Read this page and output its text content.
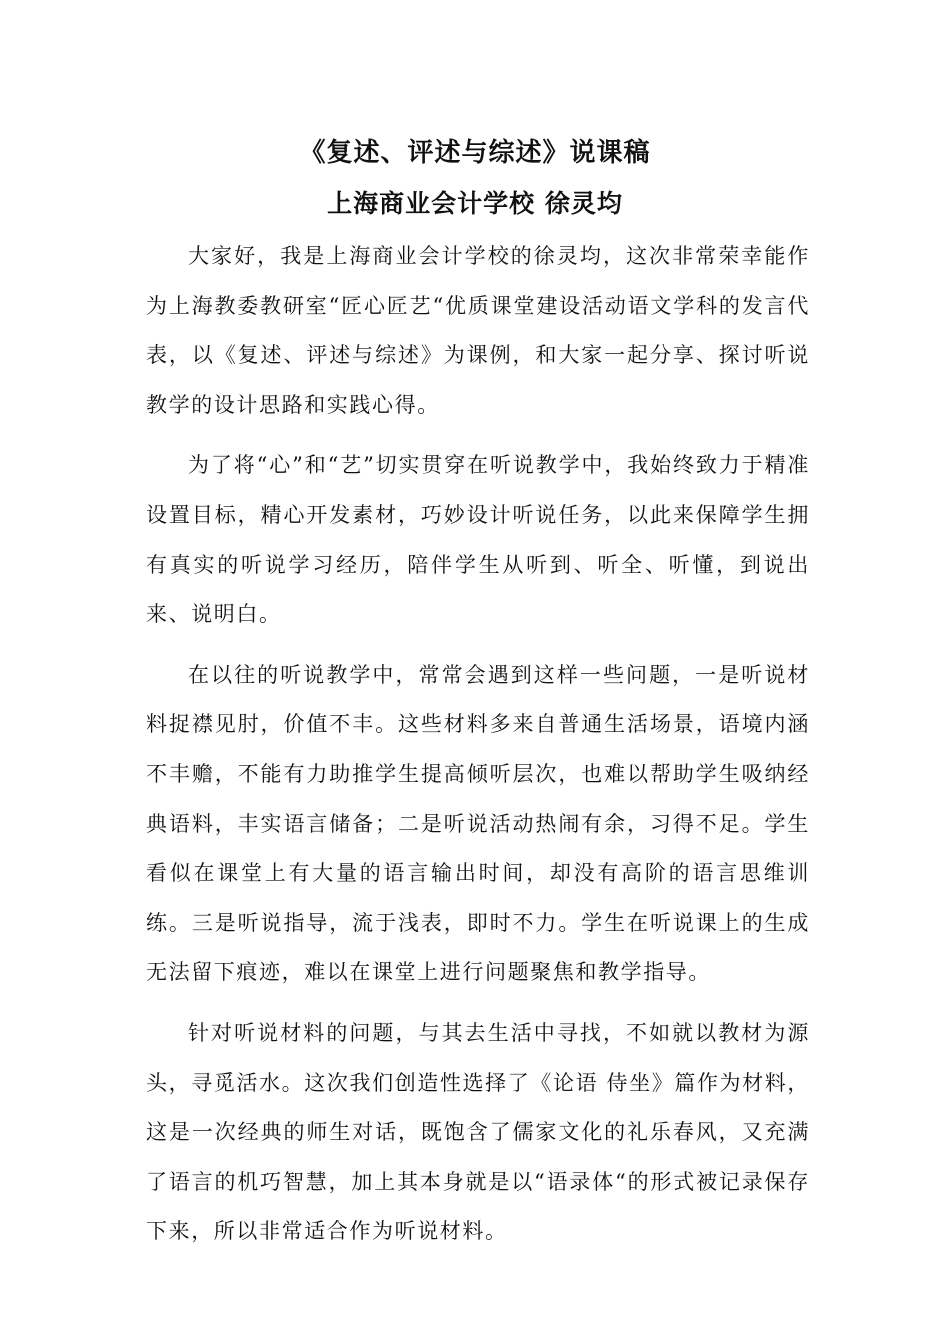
《复述、评述与综述》说课稿
上海商业会计学校 徐灵均

大家好，我是上海商业会计学校的徐灵均，这次非常荣幸能作为上海教委教研室“匠心匠艺“优质课堂建设活动语文学科的发言代表，以《复述、评述与综述》为课例，和大家一起分享、探讨听说教学的设计思路和实践心得。

为了将“心”和“艺”切实贯穿在听说教学中，我始终致力于精准设置目标，精心开发素材，巧妙设计听说任务，以此来保障学生拥有真实的听说学习经历，陪伴学生从听到、听全、听懂，到说出来、说明白。

在以往的听说教学中，常常会遇到这样一些问题，一是听说材料捉襟见肘，价值不丰。这些材料多来自普通生活场景，语境内涵不丰赡，不能有力助推学生提高倾听层次，也难以帮助学生吸纳经典语料，丰实语言储备；二是听说活动热闹有余，习得不足。学生看似在课堂上有大量的语言输出时间，却没有高阶的语言思维训练。三是听说指导，流于浅表，即时不力。学生在听说课上的生成无法留下痕迹，难以在课堂上进行问题聚焦和教学指导。

针对听说材料的问题，与其去生活中寻找，不如就以教材为源头，寻觅活水。这次我们创造性选择了《论语 侍坐》篇作为材料，这是一次经典的师生对话，既饱含了儒家文化的礼乐春风，又充满了语言的机巧智慧，加上其本身就是以“语录体“的形式被记录保存下来，所以非常适合作为听说材料。
